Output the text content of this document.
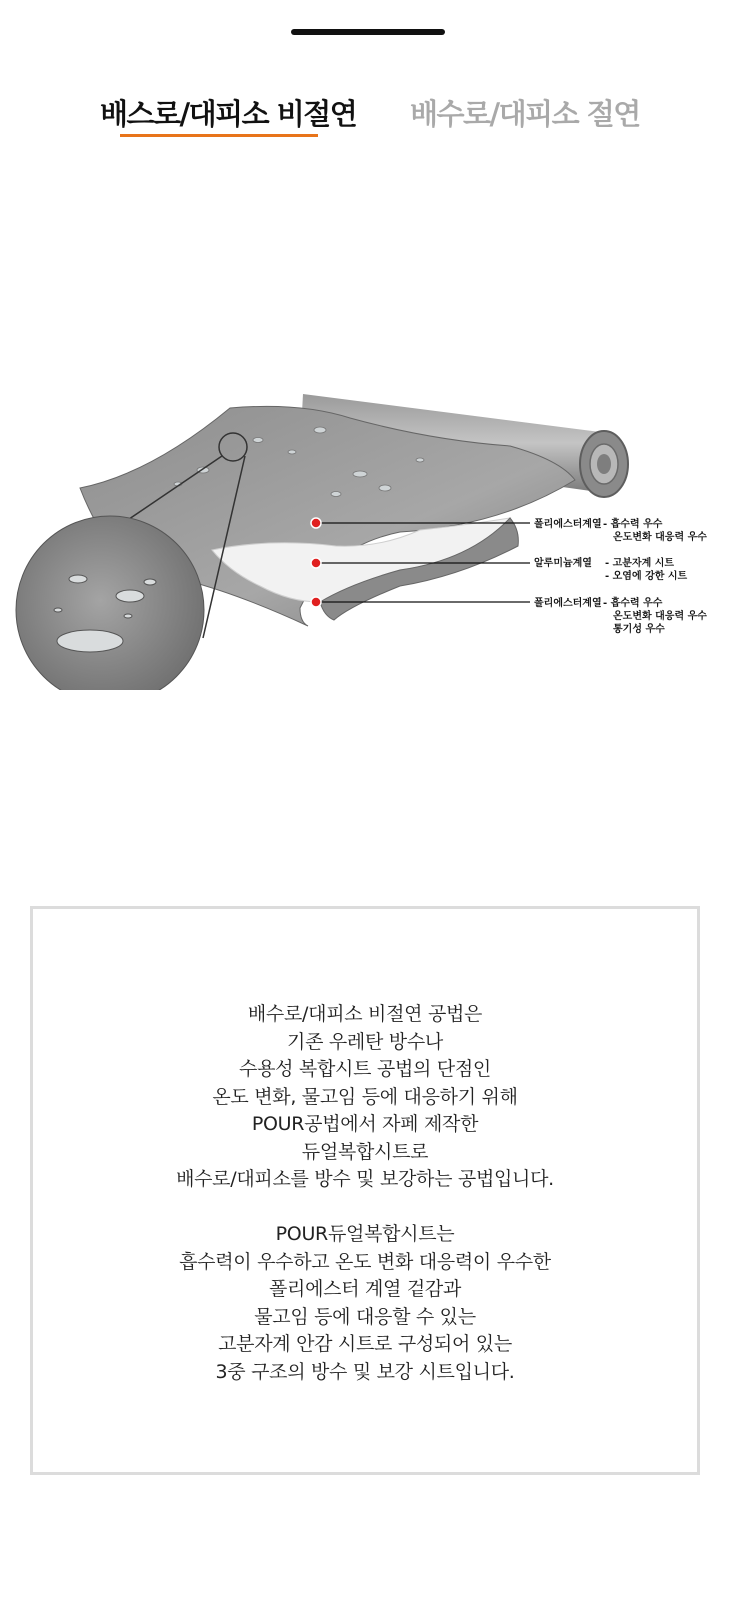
배스로/대피소 비절연 배수로/대피소 절연
폴리에스터계열 - 흡수력 우수
온도변화 대응력 우수
알루미늄계열 - 고분자계 시트
- 오염에 강한 시트
폴리에스터계열 - 흡수력 우수
온도변화 대응력 우수
통기성 우수
배수로/대피소 비절연 공법은
기존 우레탄 방수나
수용성 복합시트 공법의 단점인
온도 변화, 물고임 등에 대응하기 위해
POUR공법에서 자페 제작한
듀얼복합시트로
배수로/대피소를 방수 및 보강하는 공법입니다.
POUR듀얼복합시트는
흡수력이 우수하고 온도 변화 대응력이 우수한
폴리에스터 계열 겉감과
물고임 등에 대응할 수 있는
고분자계 안감 시트로 구성되어 있는
3중 구조의 방수 및 보강 시트입니다.
